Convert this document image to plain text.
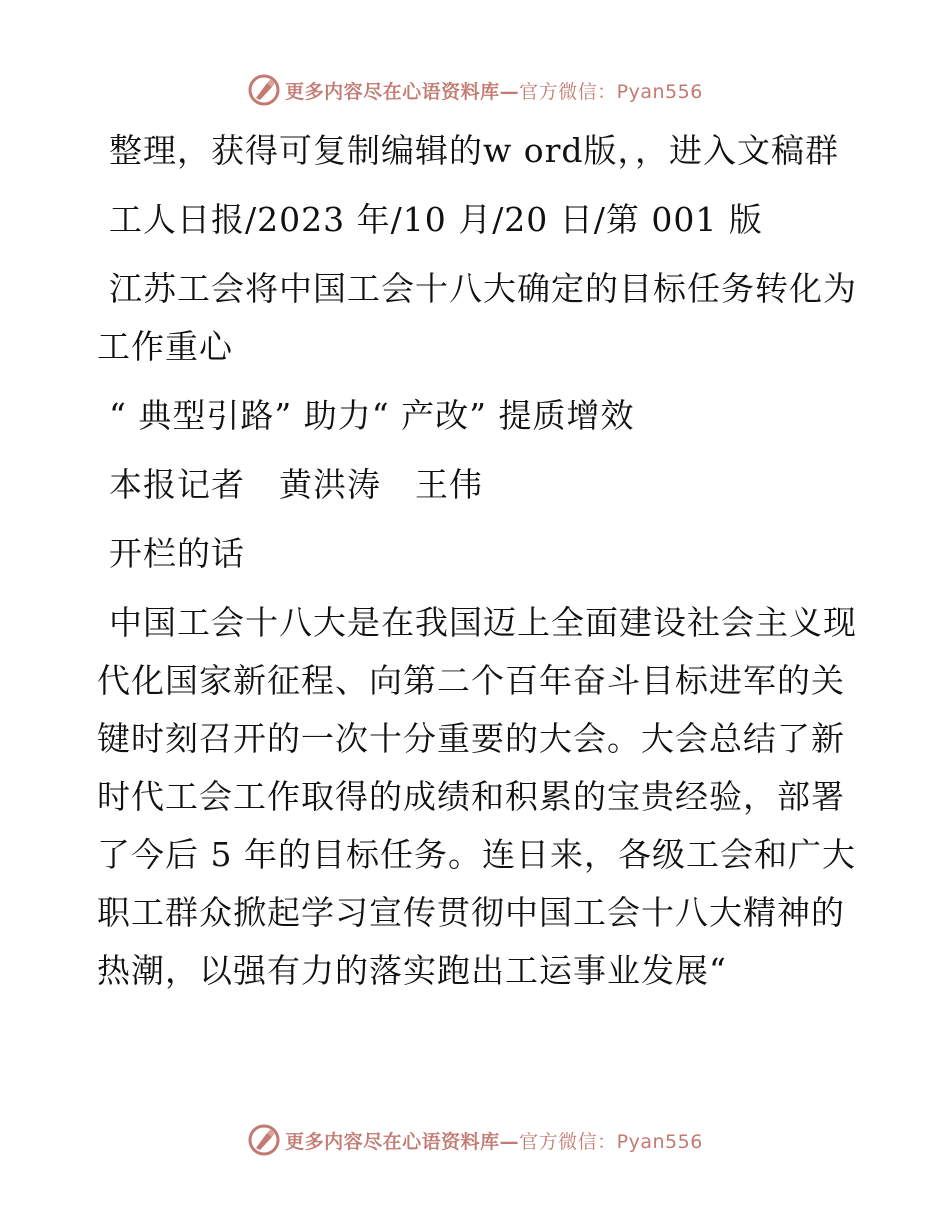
更多内容尽在心语资料库— 官方微信：Pyan556

整理，获得可复制编辑的w ord版，，进入文稿群

工人日报/2023 年/10 月/20 日/第 001 版

江苏工会将中国工会十八大确定的目标任务转化为工作重心

“ 典型引路” 助力“ 产改” 提质增效

本报记者　黄洪涛　王伟

开栏的话

中国工会十八大是在我国迈上全面建设社会主义现代化国家新征程、向第二个百年奋斗目标进军的关键时刻召开的一次十分重要的大会。大会总结了新时代工会工作取得的成绩和积累的宝贵经验，部署了今后 5 年的目标任务。连日来，各级工会和广大职工群众掀起学习宣传贯彻中国工会十八大精神的热潮，以强有力的落实跑出工运事业发展“

更多内容尽在心语资料库— 官方微信：Pyan556
